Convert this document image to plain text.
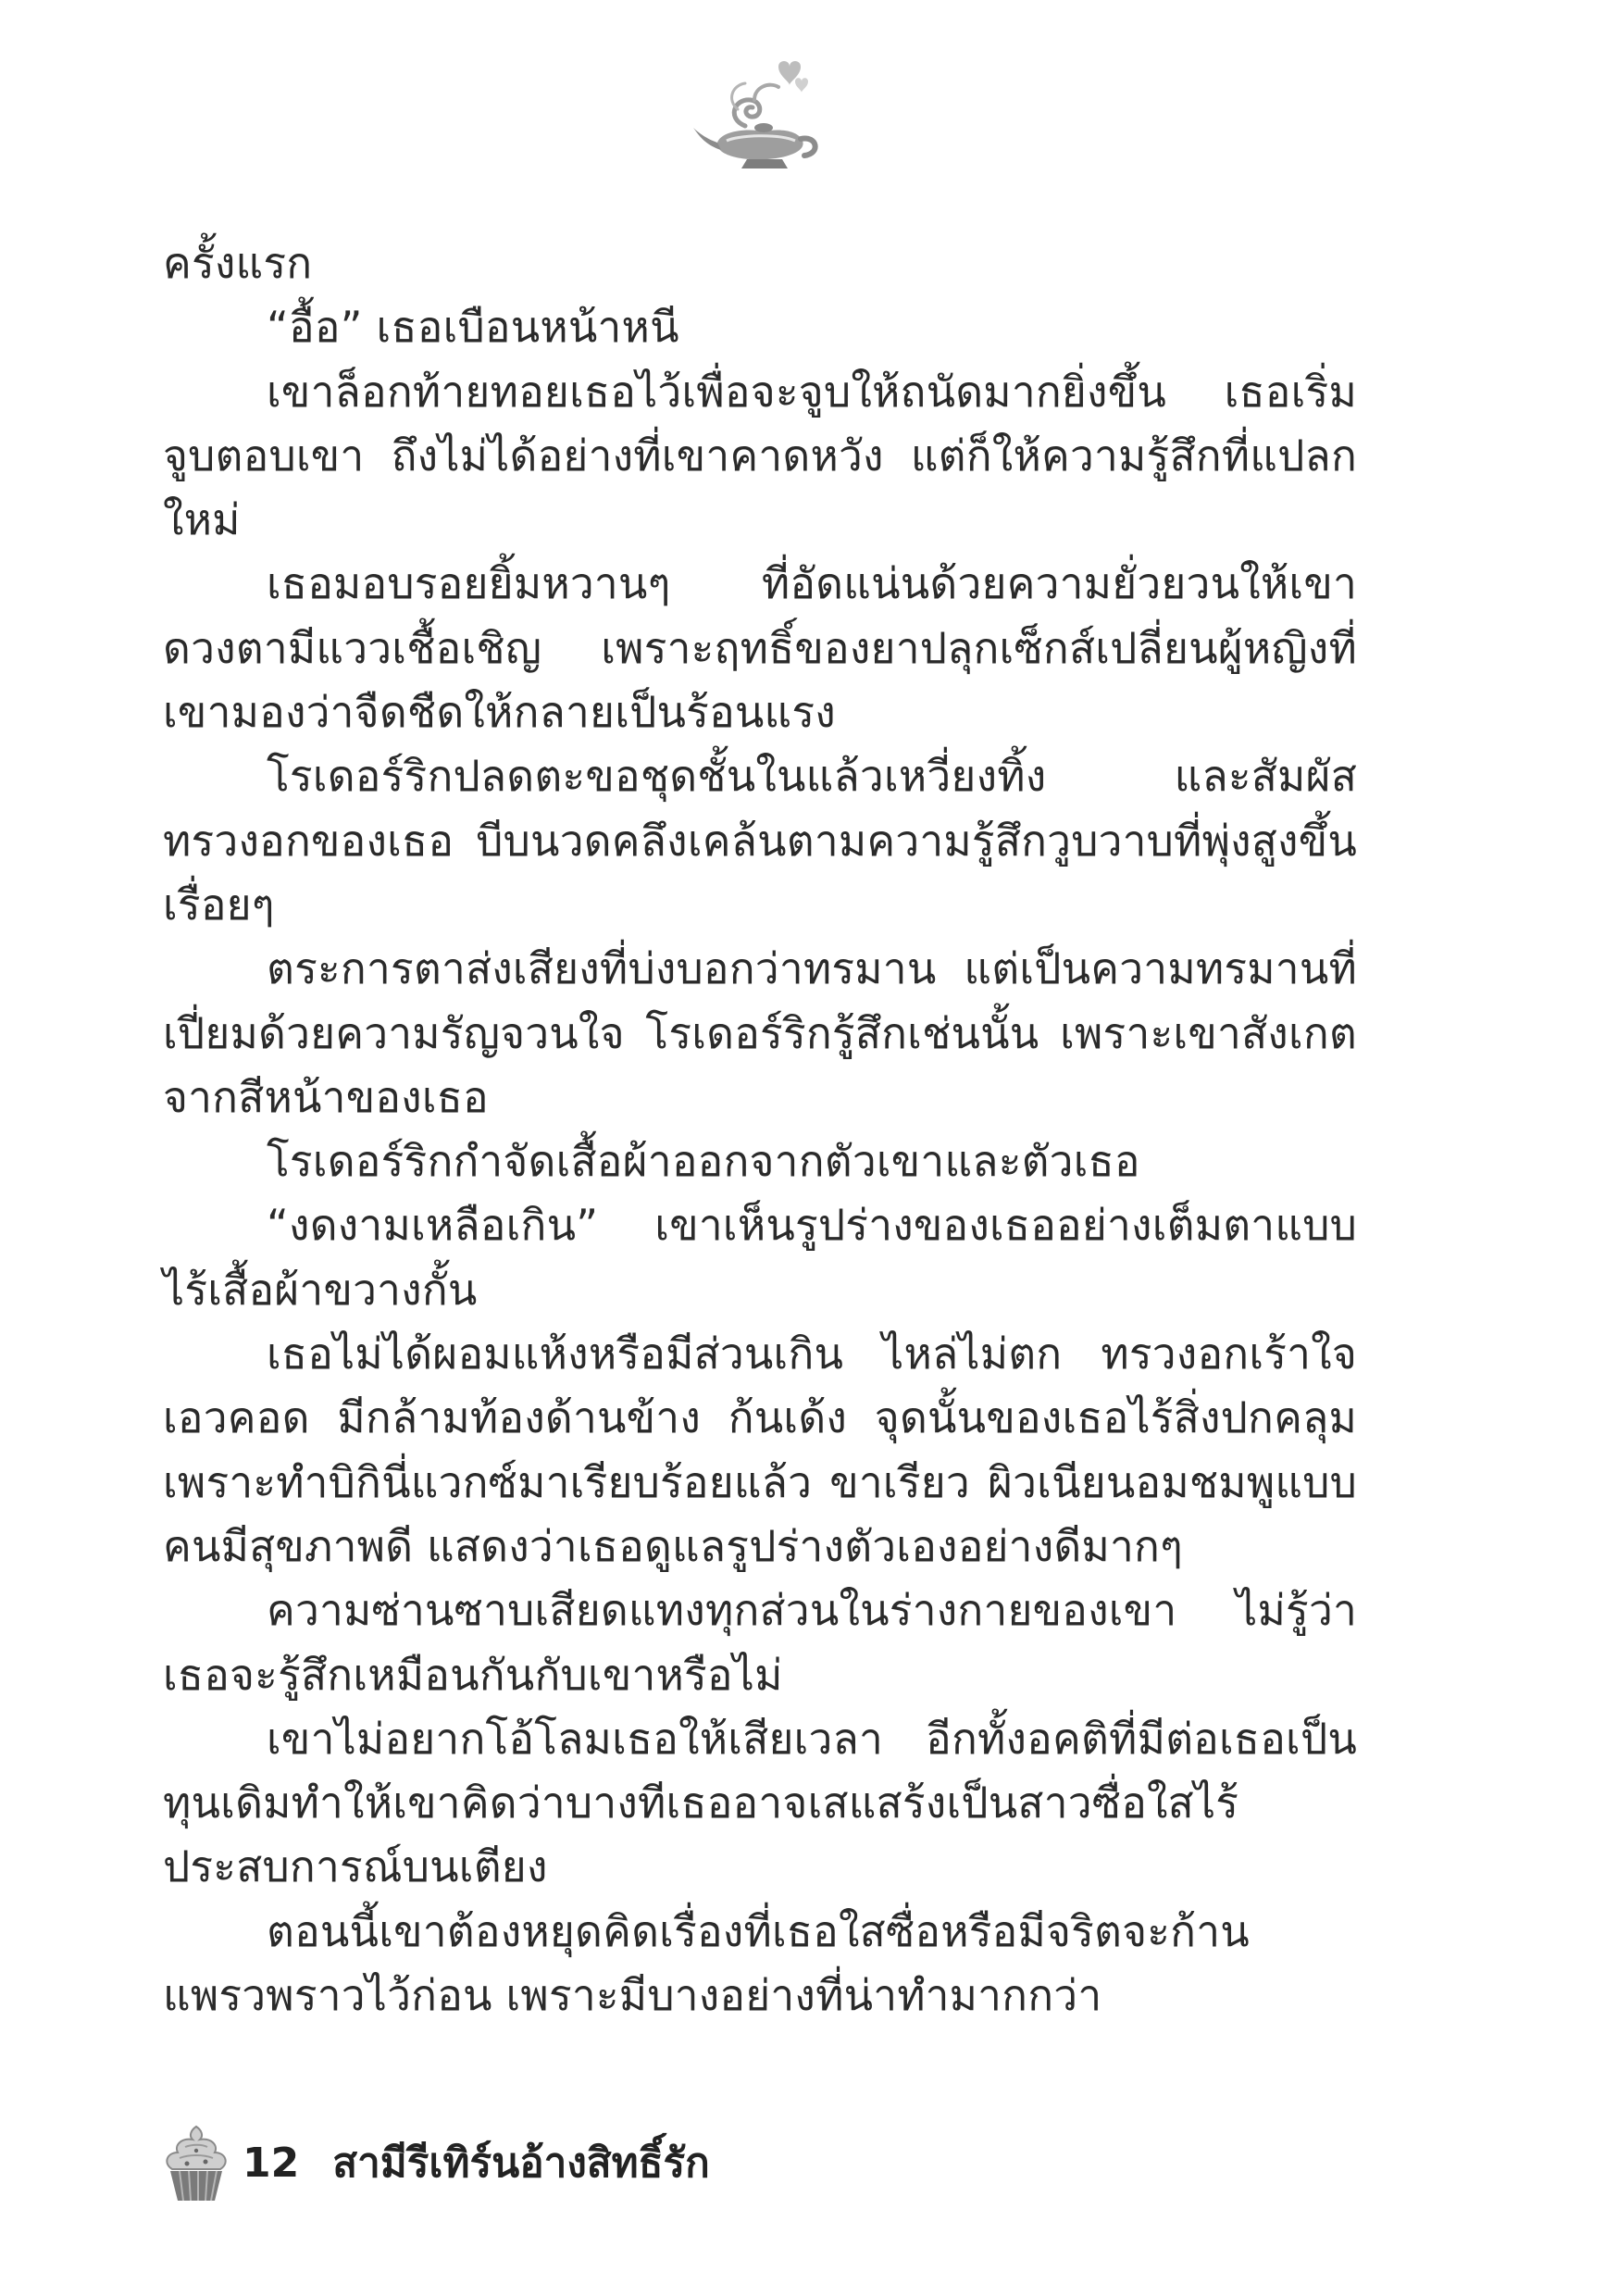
ครั้งแรก

“อื้อ” เธอเบือนหน้าหนี

เขาล็อกท้ายทอยเธอไว้เพื่อจะจูบให้ถนัดมากยิ่งขึ้น เธอเริ่มจูบตอบเขา ถึงไม่ได้อย่างที่เขาคาดหวัง แต่ก็ให้ความรู้สึกที่แปลกใหม่

เธอมอบรอยยิ้มหวานๆ ที่อัดแน่นด้วยความยั่วยวนให้เขา ดวงตามีแววเชื้อเชิญ เพราะฤทธิ์ของยาปลุกเซ็กส์เปลี่ยนผู้หญิงที่เขามองว่าจืดชืดให้กลายเป็นร้อนแรง

โรเดอร์ริกปลดตะขอชุดชั้นในแล้วเหวี่ยงทิ้ง และสัมผัสทรวงอกของเธอ บีบนวดคลึงเคล้นตามความรู้สึกวูบวาบที่พุ่งสูงขึ้นเรื่อยๆ

ตระการตาส่งเสียงที่บ่งบอกว่าทรมาน แต่เป็นความทรมานที่เปี่ยมด้วยความรัญจวนใจ โรเดอร์ริกรู้สึกเช่นนั้น เพราะเขาสังเกตจากสีหน้าของเธอ

โรเดอร์ริกกำจัดเสื้อผ้าออกจากตัวเขาและตัวเธอ

“งดงามเหลือเกิน” เขาเห็นรูปร่างของเธออย่างเต็มตาแบบไร้เสื้อผ้าขวางกั้น

เธอไม่ได้ผอมแห้งหรือมีส่วนเกิน ไหล่ไม่ตก ทรวงอกเร้าใจ เอวคอด มีกล้ามท้องด้านข้าง ก้นเด้ง จุดนั้นของเธอไร้สิ่งปกคลุม เพราะทำบิกินี่แวกซ์มาเรียบร้อยแล้ว ขาเรียว ผิวเนียนอมชมพูแบบคนมีสุขภาพดี แสดงว่าเธอดูแลรูปร่างตัวเองอย่างดีมากๆ

ความซ่านซาบเสียดแทงทุกส่วนในร่างกายของเขา ไม่รู้ว่าเธอจะรู้สึกเหมือนกันกับเขาหรือไม่

เขาไม่อยากโอ้โลมเธอให้เสียเวลา อีกทั้งอคติที่มีต่อเธอเป็นทุนเดิมทำให้เขาคิดว่าบางทีเธออาจเสแสร้งเป็นสาวซื่อใสไร้ประสบการณ์บนเตียง

ตอนนี้เขาต้องหยุดคิดเรื่องที่เธอใสซื่อหรือมีจริตจะก้านแพรวพราวไว้ก่อน เพราะมีบางอย่างที่น่าทำมากกว่า

12 สามีรีเทิร์นอ้างสิทธิ์รัก
